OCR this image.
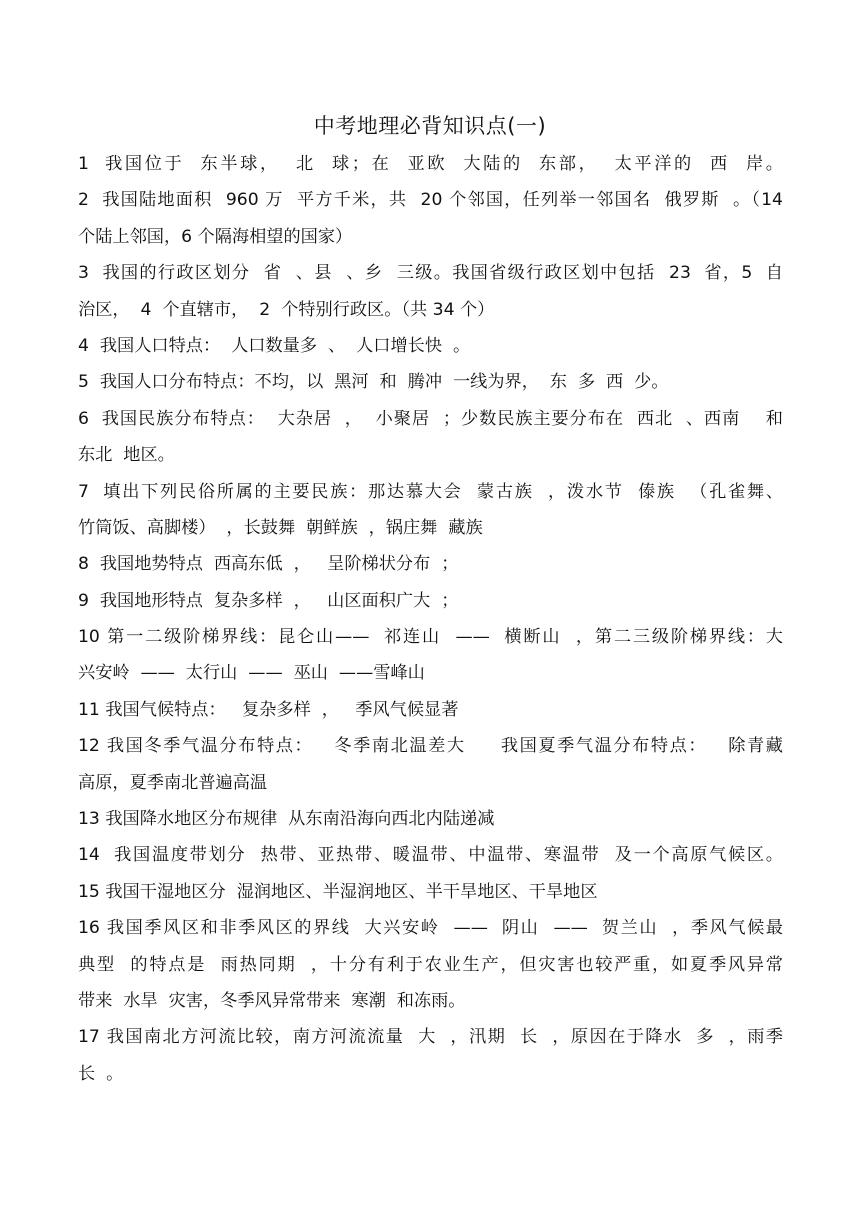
中考地理必背知识点(一)
1  我国位于  东半球，  北  球；在  亚欧  大陆的  东部，  太平洋的  西  岸。
2  我国陆地面积  960 万  平方千米，共  20 个邻国，任列举一邻国名  俄罗斯  。（14
个陆上邻国，6 个隔海相望的国家）
3  我国的行政区划分  省  、县  、乡  三级。我国省级行政区划中包括  23  省，5  自
治区，  4  个直辖市，  2  个特别行政区。（共 34 个）
4  我国人口特点：  人口数量多  、  人口增长快  。
5  我国人口分布特点：不均，以  黑河  和  腾冲  一线为界，  东  多  西  少。
6  我国民族分布特点：  大杂居  ，  小聚居  ；少数民族主要分布在  西北  、西南    和
东北  地区。
7  填出下列民俗所属的主要民族：那达慕大会  蒙古族  ，泼水节  傣族  （孔雀舞、
竹筒饭、高脚楼）  ，长鼓舞  朝鲜族  ，锅庄舞  藏族
8  我国地势特点  西高东低  ，   呈阶梯状分布  ；
9  我国地形特点  复杂多样  ，   山区面积广大  ；
10 第一二级阶梯界线：昆仑山——  祁连山  ——  横断山  ，第二三级阶梯界线：大
兴安岭  ——  太行山  ——  巫山  ——雪峰山
11 我国气候特点：   复杂多样  ，   季风气候显著
12 我国冬季气温分布特点：   冬季南北温差大     我国夏季气温分布特点：   除青藏
高原，夏季南北普遍高温
13 我国降水地区分布规律  从东南沿海向西北内陆递减
14  我国温度带划分  热带、亚热带、暖温带、中温带、寒温带  及一个高原气候区。
15 我国干湿地区分  湿润地区、半湿润地区、半干旱地区、干旱地区
16 我国季风区和非季风区的界线  大兴安岭  ——  阴山  ——  贺兰山  ，季风气候最
典型  的特点是  雨热同期  ，十分有利于农业生产，但灾害也较严重，如夏季风异常
带来  水旱  灾害，冬季风异常带来  寒潮  和冻雨。
17 我国南北方河流比较，南方河流流量  大  ，汛期  长  ，原因在于降水  多  ，雨季
长  。
